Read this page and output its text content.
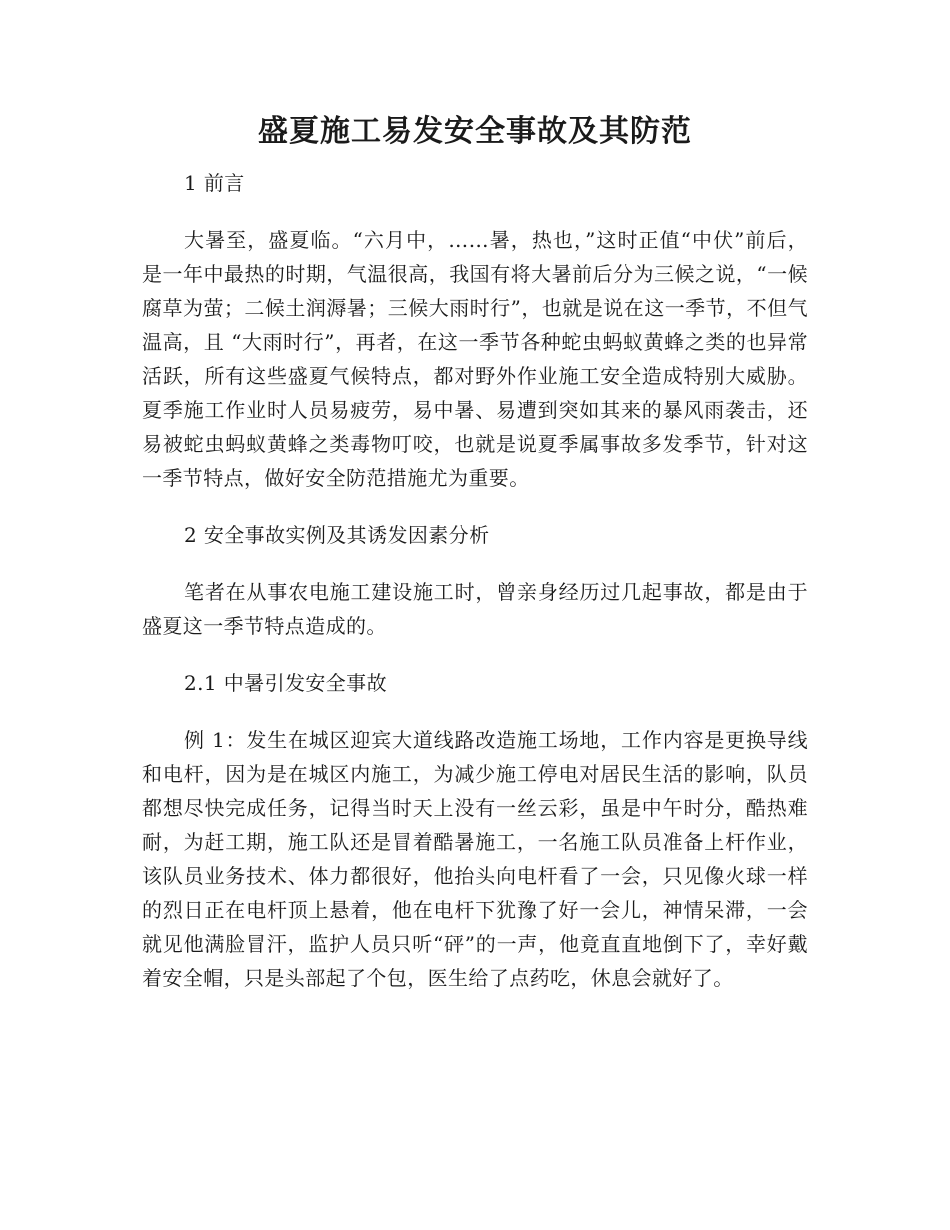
盛夏施工易发安全事故及其防范

1 前言

大暑至，盛夏临。“六月中，……暑，热也，”这时正值“中伏”前后，是一年中最热的时期，气温很高，我国有将大暑前后分为三候之说，“一候腐草为萤；二候土润溽暑；三候大雨时行”，也就是说在这一季节，不但气温高，且 “大雨时行”，再者，在这一季节各种蛇虫蚂蚁黄蜂之类的也异常活跃，所有这些盛夏气候特点，都对野外作业施工安全造成特别大威胁。夏季施工作业时人员易疲劳，易中暑、易遭到突如其来的暴风雨袭击，还易被蛇虫蚂蚁黄蜂之类毒物叮咬，也就是说夏季属事故多发季节，针对这一季节特点，做好安全防范措施尤为重要。

2 安全事故实例及其诱发因素分析

笔者在从事农电施工建设施工时，曾亲身经历过几起事故，都是由于盛夏这一季节特点造成的。

2.1 中暑引发安全事故

例 1：发生在城区迎宾大道线路改造施工场地，工作内容是更换导线和电杆，因为是在城区内施工，为减少施工停电对居民生活的影响，队员都想尽快完成任务，记得当时天上没有一丝云彩，虽是中午时分，酷热难耐，为赶工期，施工队还是冒着酷暑施工，一名施工队员准备上杆作业，该队员业务技术、体力都很好，他抬头向电杆看了一会，只见像火球一样的烈日正在电杆顶上悬着，他在电杆下犹豫了好一会儿，神情呆滞，一会就见他满脸冒汗，监护人员只听“砰”的一声，他竟直直地倒下了，幸好戴着安全帽，只是头部起了个包，医生给了点药吃，休息会就好了。
